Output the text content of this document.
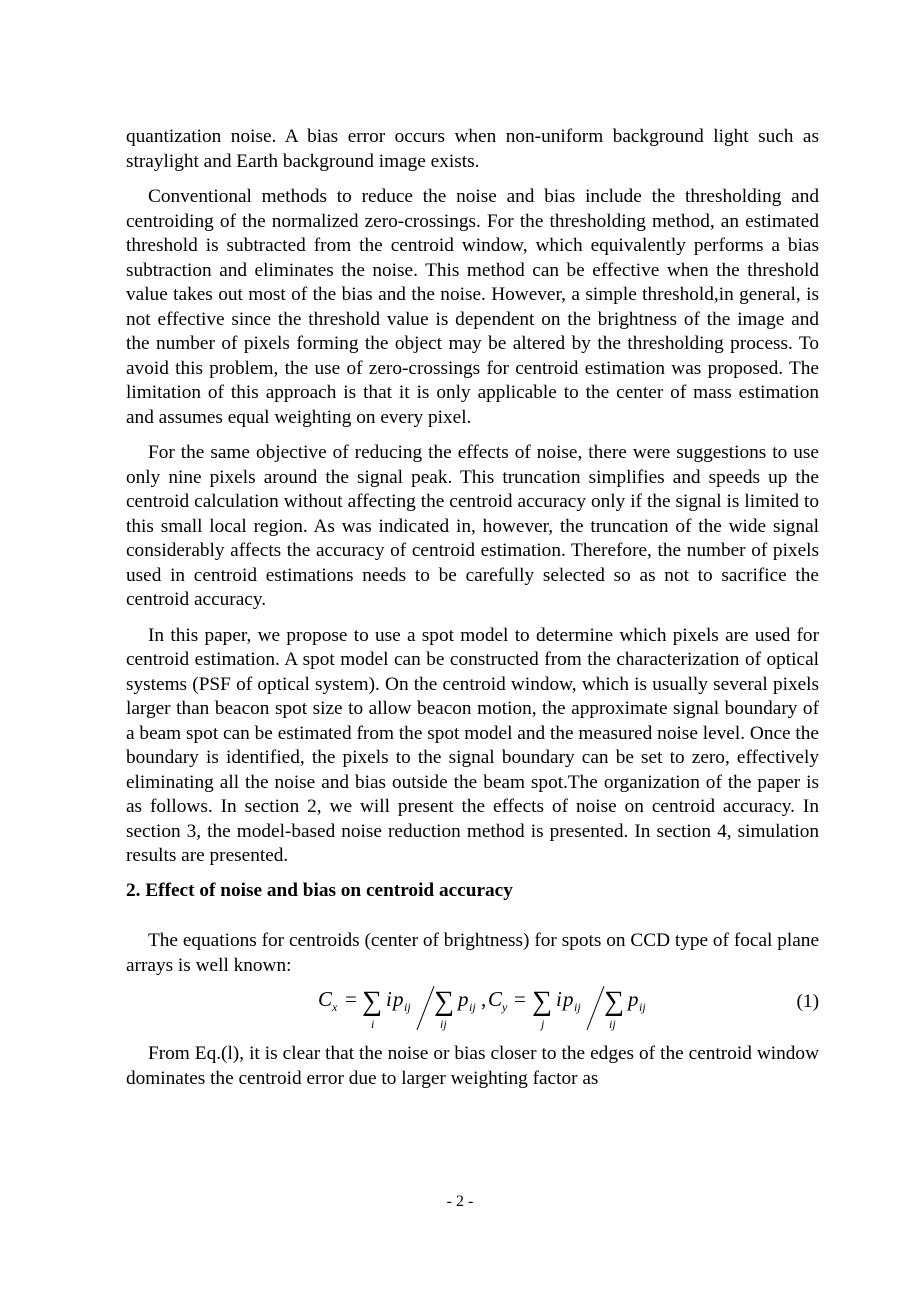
quantization noise. A bias error occurs when non-uniform background light such as straylight and Earth background image exists.

Conventional methods to reduce the noise and bias include the thresholding and centroiding of the normalized zero-crossings. For the thresholding method, an estimated threshold is subtracted from the centroid window, which equivalently performs a bias subtraction and eliminates the noise. This method can be effective when the threshold value takes out most of the bias and the noise. However, a simple threshold,in general, is not effective since the threshold value is dependent on the brightness of the image and the number of pixels forming the object may be altered by the thresholding process. To avoid this problem, the use of zero-crossings for centroid estimation was proposed. The limitation of this approach is that it is only applicable to the center of mass estimation and assumes equal weighting on every pixel.

For the same objective of reducing the effects of noise, there were suggestions to use only nine pixels around the signal peak. This truncation simplifies and speeds up the centroid calculation without affecting the centroid accuracy only if the signal is limited to this small local region. As was indicated in, however, the truncation of the wide signal considerably affects the accuracy of centroid estimation. Therefore, the number of pixels used in centroid estimations needs to be carefully selected so as not to sacrifice the centroid accuracy.

In this paper, we propose to use a spot model to determine which pixels are used for centroid estimation. A spot model can be constructed from the characterization of optical systems (PSF of optical system). On the centroid window, which is usually several pixels larger than beacon spot size to allow beacon motion, the approximate signal boundary of a beam spot can be estimated from the spot model and the measured noise level. Once the boundary is identified, the pixels to the signal boundary can be set to zero, effectively eliminating all the noise and bias outside the beam spot.The organization of the paper is as follows. In section 2, we will present the effects of noise on centroid accuracy. In section 3, the model-based noise reduction method is presented. In section 4, simulation results are presented.

2. Effect of noise and bias on centroid accuracy

The equations for centroids (center of brightness) for spots on CCD type of focal plane arrays is well known:

C x = ∑
i
i p ij ∑
ij
p ij , C y = ∑
j
i p ij ∑
ij
p ij	(1)

From Eq.(l), it is clear that the noise or bias closer to the edges of the centroid window dominates the centroid error due to larger weighting factor as

- 2 -
